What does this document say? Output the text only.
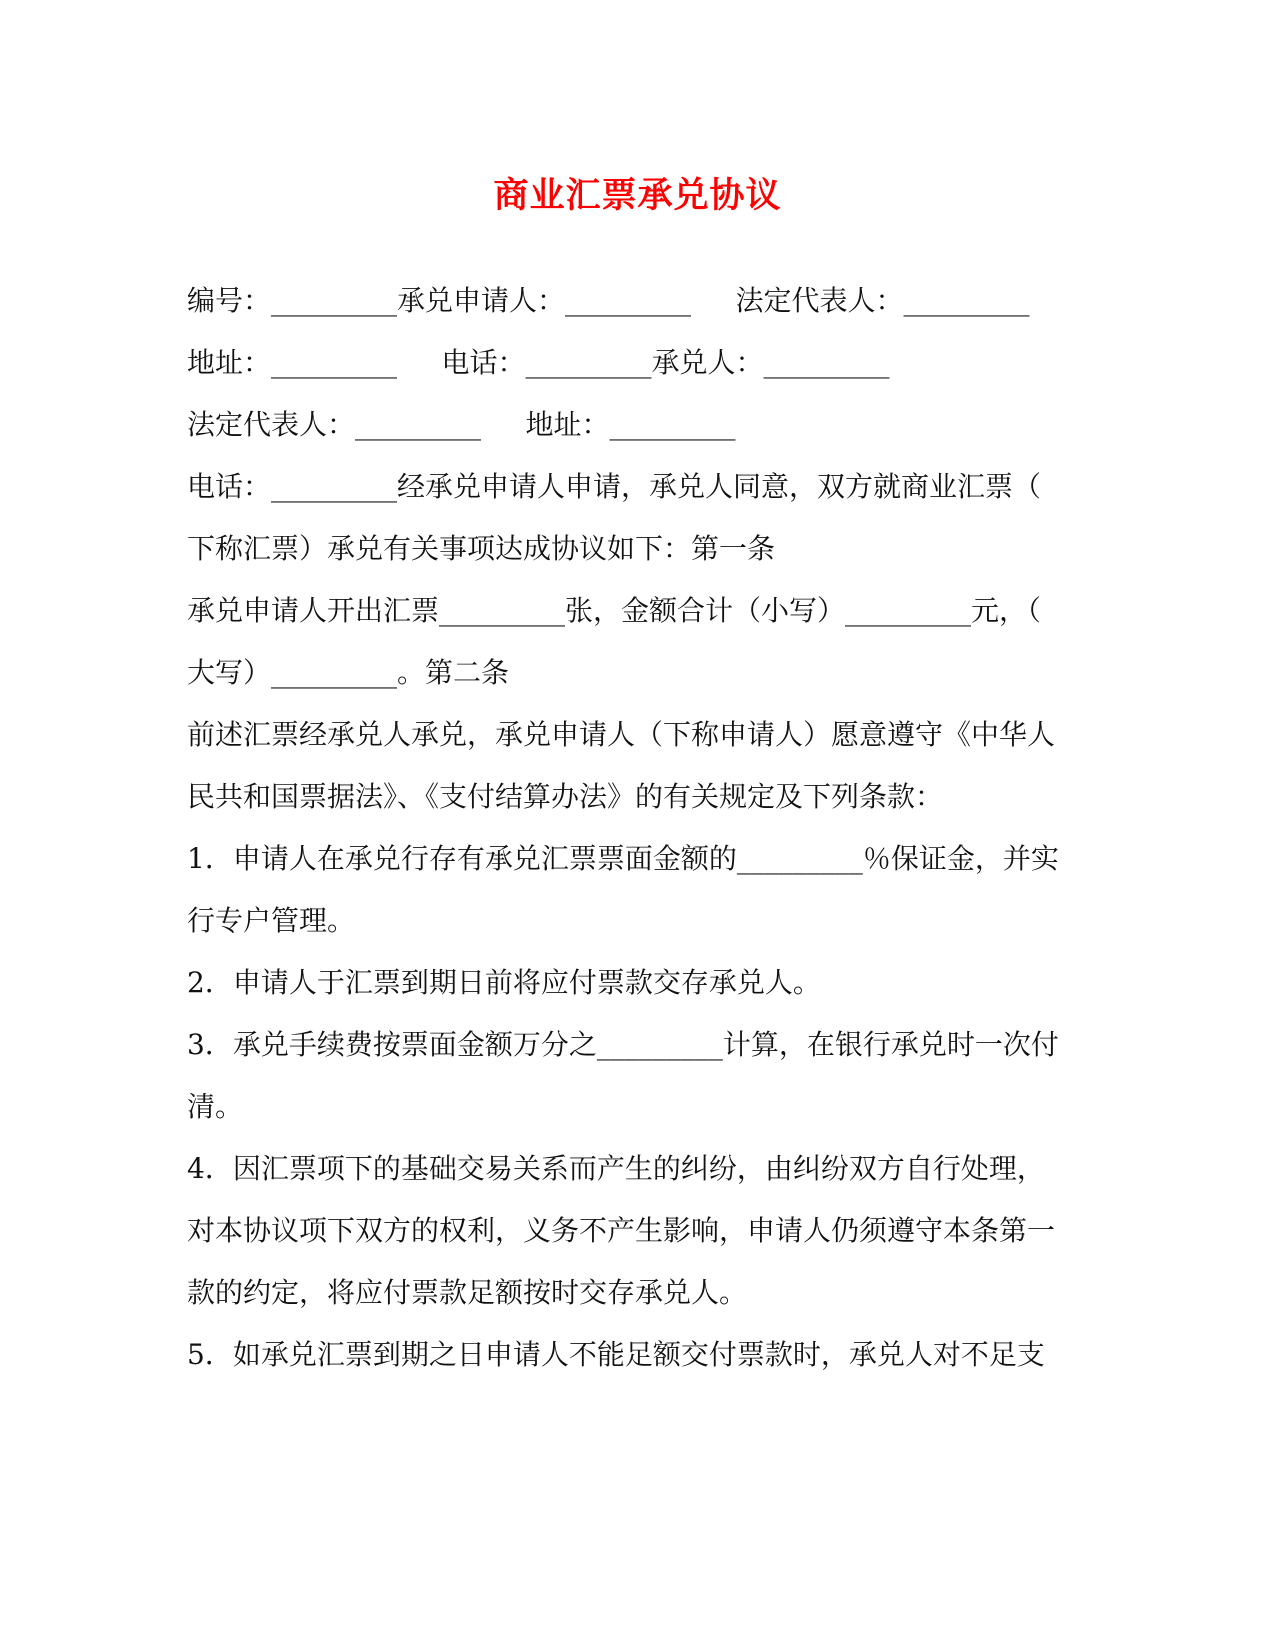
商业汇票承兑协议
编号：_________承兑申请人：_________     法定代表人：_________
地址：_________     电话：_________承兑人：_________
法定代表人：_________     地址：_________
电话：_________经承兑申请人申请，承兑人同意，双方就商业汇票（
下称汇票）承兑有关事项达成协议如下：第一条
承兑申请人开出汇票_________张，金额合计（小写）_________元，（
大写）_________。第二条
前述汇票经承兑人承兑，承兑申请人（下称申请人）愿意遵守《中华人
民共和国票据法》、《支付结算办法》的有关规定及下列条款：
1．申请人在承兑行存有承兑汇票票面金额的_________％保证金，并实
行专户管理。
2．申请人于汇票到期日前将应付票款交存承兑人。
3．承兑手续费按票面金额万分之_________计算，在银行承兑时一次付
清。
4．因汇票项下的基础交易关系而产生的纠纷，由纠纷双方自行处理，
对本协议项下双方的权利，义务不产生影响，申请人仍须遵守本条第一
款的约定，将应付票款足额按时交存承兑人。
5．如承兑汇票到期之日申请人不能足额交付票款时，承兑人对不足支
